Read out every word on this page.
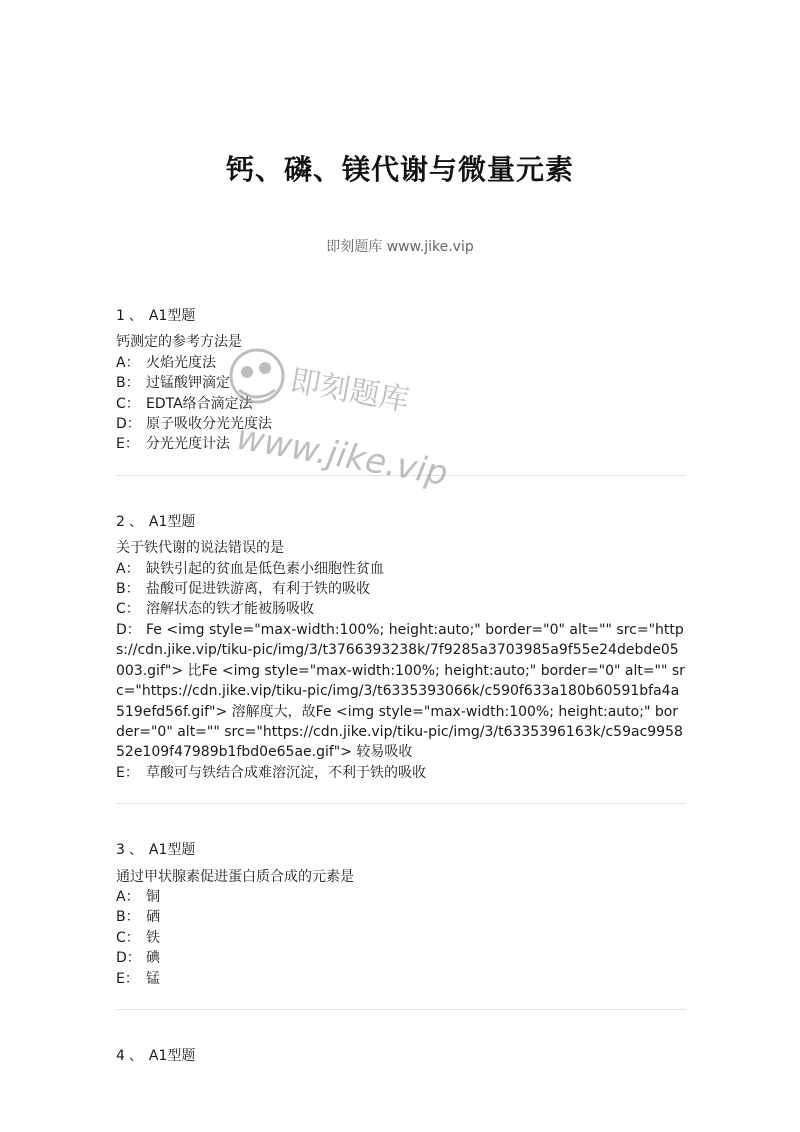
钙、磷、镁代谢与微量元素
即刻题库 www.jike.vip
1 、 A1型题
钙测定的参考方法是
A： 火焰光度法
B： 过锰酸钾滴定
C： EDTA络合滴定法
D： 原子吸收分光光度法
E： 分光光度计法
2 、 A1型题
关于铁代谢的说法错误的是
A： 缺铁引起的贫血是低色素小细胞性贫血
B： 盐酸可促进铁游离，有利于铁的吸收
C： 溶解状态的铁才能被肠吸收
D： Fe <img style="max-width:100%; height:auto;" border="0" alt="" src="https://cdn.jike.vip/tiku-pic/img/3/t3766393238k/7f9285a3703985a9f55e24debde05003.gif"> 比Fe <img style="max-width:100%; height:auto;" border="0" alt="" src="https://cdn.jike.vip/tiku-pic/img/3/t6335393066k/c590f633a180b60591bfa4a519efd56f.gif"> 溶解度大，故Fe <img style="max-width:100%; height:auto;" border="0" alt="" src="https://cdn.jike.vip/tiku-pic/img/3/t6335396163k/c59ac995852e109f47989b1fbd0e65ae.gif"> 较易吸收
E： 草酸可与铁结合成难溶沉淀，不利于铁的吸收
3 、 A1型题
通过甲状腺素促进蛋白质合成的元素是
A： 铜
B： 硒
C： 铁
D： 碘
E： 锰
4 、 A1型题
即刻题库
www.jike.vip
